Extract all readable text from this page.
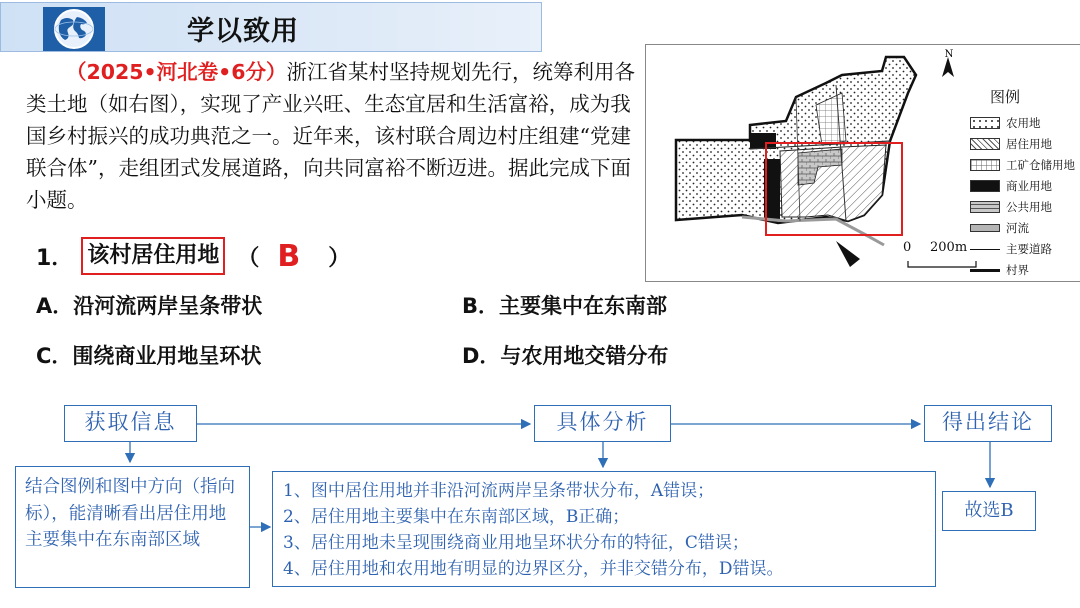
学以致用
（2025•河北卷•6分）浙江省某村坚持规划先行，统筹利用各类土地（如右图），实现了产业兴旺、生态宜居和生活富裕，成为我国乡村振兴的成功典范之一。近年来，该村联合周边村庄组建“党建联合体”，走组团式发展道路，向共同富裕不断迈进。据此完成下面小题。
1． 该村居住用地 （ B ）
A．沿河流两岸呈条带状	B．主要集中在东南部
C．围绕商业用地呈环状	D．与农用地交错分布
N
0 200m
图例
农用地
居住用地
工矿仓储用地
商业用地
公共用地
河流
主要道路
村界
获取信息	具体分析	得出结论
结合图例和图中方向（指向标），能清晰看出居住用地主要集中在东南部区域
1、图中居住用地并非沿河流两岸呈条带状分布，A错误；
2、居住用地主要集中在东南部区域，B正确；
3、居住用地未呈现围绕商业用地呈环状分布的特征，C错误；
4、居住用地和农用地有明显的边界区分，并非交错分布，D错误。
故选B
